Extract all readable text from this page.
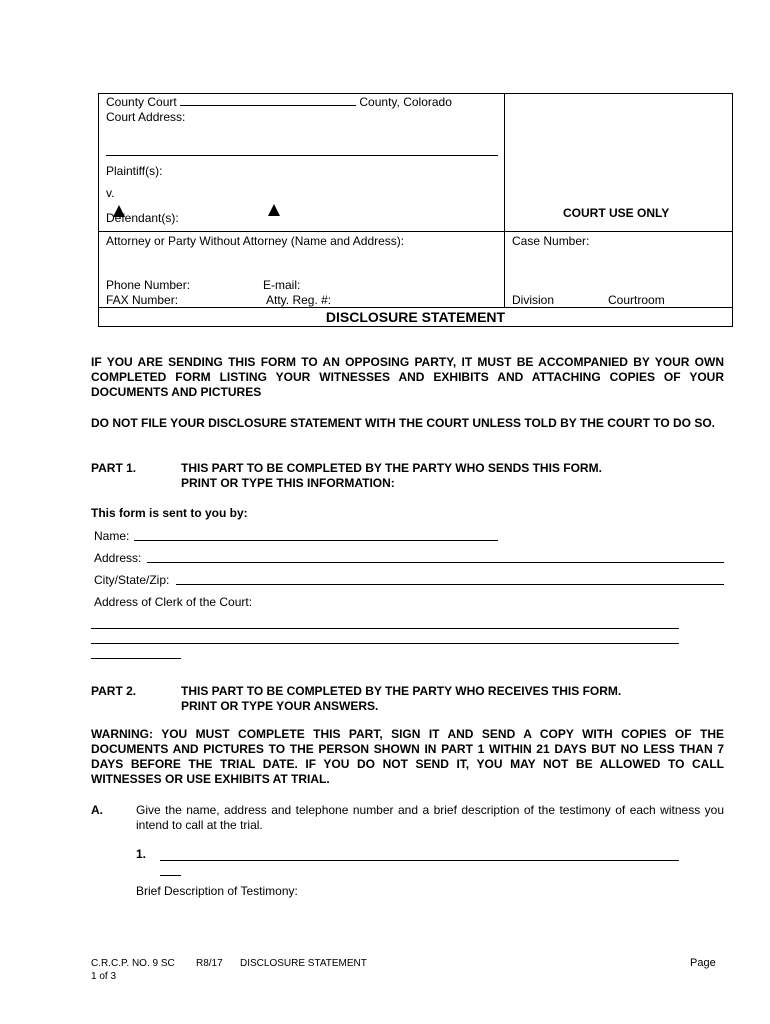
County Court	County, Colorado
Court Address:
Plaintiff(s):
v.
Defendant(s):	COURT USE ONLY
Attorney or Party Without Attorney (Name and Address):	Case Number:
Phone Number:	E-mail:
FAX Number:	Atty. Reg. #:	Division	Courtroom
DISCLOSURE STATEMENT
IF YOU ARE SENDING THIS FORM TO AN OPPOSING PARTY, IT MUST BE ACCOMPANIED BY YOUR OWN COMPLETED FORM LISTING YOUR WITNESSES AND EXHIBITS AND ATTACHING COPIES OF YOUR DOCUMENTS AND PICTURES
DO NOT FILE YOUR DISCLOSURE STATEMENT WITH THE COURT UNLESS TOLD BY THE COURT TO DO SO.
PART 1.	THIS PART TO BE COMPLETED BY THE PARTY WHO SENDS THIS FORM.
PRINT OR TYPE THIS INFORMATION:
This form is sent to you by:
Name:
Address:
City/State/Zip:
Address of Clerk of the Court:
PART 2.	THIS PART TO BE COMPLETED BY THE PARTY WHO RECEIVES THIS FORM.
PRINT OR TYPE YOUR ANSWERS.
WARNING: YOU MUST COMPLETE THIS PART, SIGN IT AND SEND A COPY WITH COPIES OF THE DOCUMENTS AND PICTURES TO THE PERSON SHOWN IN PART 1 WITHIN 21 DAYS BUT NO LESS THAN 7 DAYS BEFORE THE TRIAL DATE. IF YOU DO NOT SEND IT, YOU MAY NOT BE ALLOWED TO CALL WITNESSES OR USE EXHIBITS AT TRIAL.
A.	Give the name, address and telephone number and a brief description of the testimony of each witness you intend to call at the trial.
1.
Brief Description of Testimony:
C.R.C.P. NO. 9 SC R8/17 DISCLOSURE STATEMENT	Page
1 of 3
